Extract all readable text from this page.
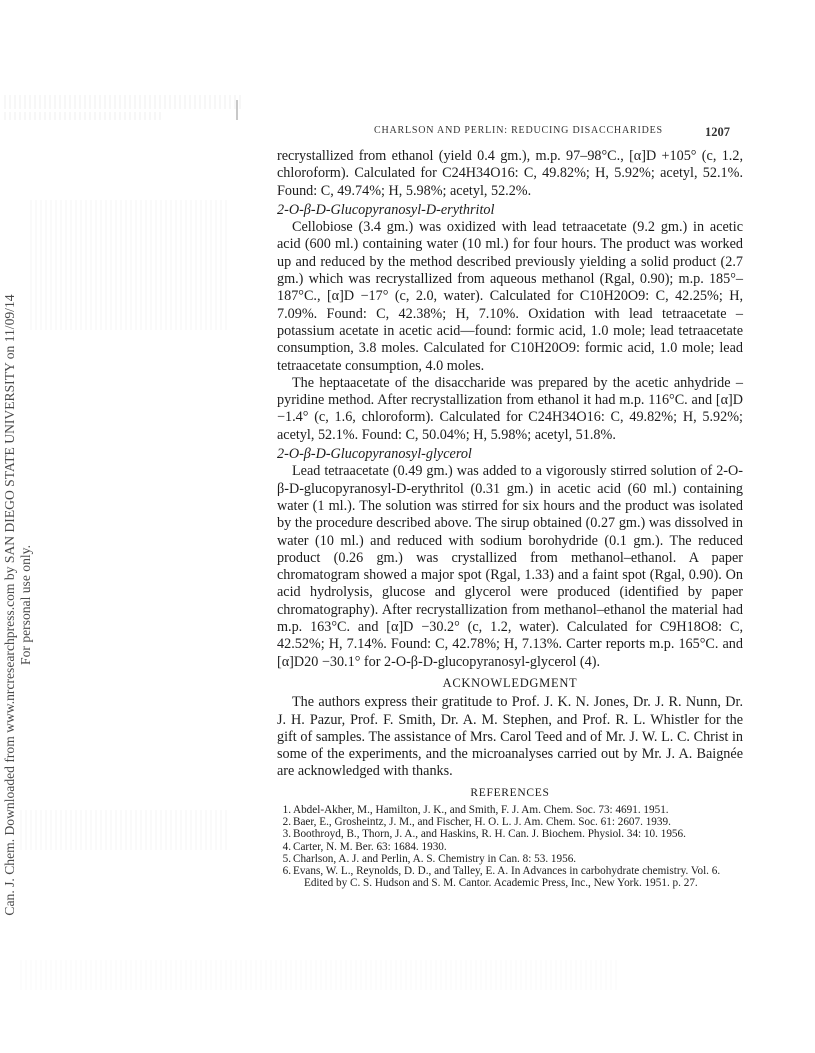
Can. J. Chem. Downloaded from www.nrcresearchpress.com by SAN DIEGO STATE UNIVERSITY on 11/09/14 For personal use only.
CHARLSON AND PERLIN: REDUCING DISACCHARIDES	1207

recrystallized from ethanol (yield 0.4 gm.), m.p. 97–98°C., [α]D +105° (c, 1.2, chloroform). Calculated for C24H34O16: C, 49.82%; H, 5.92%; acetyl, 52.1%. Found: C, 49.74%; H, 5.98%; acetyl, 52.2%.

2-O-β-D-Glucopyranosyl-D-erythritol

Cellobiose (3.4 gm.) was oxidized with lead tetraacetate (9.2 gm.) in acetic acid (600 ml.) containing water (10 ml.) for four hours. The product was worked up and reduced by the method described previously yielding a solid product (2.7 gm.) which was recrystallized from aqueous methanol (Rgal, 0.90); m.p. 185°–187°C., [α]D −17° (c, 2.0, water). Calculated for C10H20O9: C, 42.25%; H, 7.09%. Found: C, 42.38%; H, 7.10%. Oxidation with lead tetraacetate – potassium acetate in acetic acid—found: formic acid, 1.0 mole; lead tetraacetate consumption, 3.8 moles. Calculated for C10H20O9: formic acid, 1.0 mole; lead tetraacetate consumption, 4.0 moles.

The heptaacetate of the disaccharide was prepared by the acetic anhydride – pyridine method. After recrystallization from ethanol it had m.p. 116°C. and [α]D −1.4° (c, 1.6, chloroform). Calculated for C24H34O16: C, 49.82%; H, 5.92%; acetyl, 52.1%. Found: C, 50.04%; H, 5.98%; acetyl, 51.8%.

2-O-β-D-Glucopyranosyl-glycerol

Lead tetraacetate (0.49 gm.) was added to a vigorously stirred solution of 2-O-β-D-glucopyranosyl-D-erythritol (0.31 gm.) in acetic acid (60 ml.) containing water (1 ml.). The solution was stirred for six hours and the product was isolated by the procedure described above. The sirup obtained (0.27 gm.) was dissolved in water (10 ml.) and reduced with sodium borohydride (0.1 gm.). The reduced product (0.26 gm.) was crystallized from methanol–ethanol. A paper chromatogram showed a major spot (Rgal, 1.33) and a faint spot (Rgal, 0.90). On acid hydrolysis, glucose and glycerol were produced (identified by paper chromatography). After recrystallization from methanol–ethanol the material had m.p. 163°C. and [α]D −30.2° (c, 1.2, water). Calculated for C9H18O8: C, 42.52%; H, 7.14%. Found: C, 42.78%; H, 7.13%. Carter reports m.p. 165°C. and [α]D20 −30.1° for 2-O-β-D-glucopyranosyl-glycerol (4).

ACKNOWLEDGMENT

The authors express their gratitude to Prof. J. K. N. Jones, Dr. J. R. Nunn, Dr. J. H. Pazur, Prof. F. Smith, Dr. A. M. Stephen, and Prof. R. L. Whistler for the gift of samples. The assistance of Mrs. Carol Teed and of Mr. J. W. L. C. Christ in some of the experiments, and the microanalyses carried out by Mr. J. A. Baignée are acknowledged with thanks.

REFERENCES
1. Abdel-Akher, M., Hamilton, J. K., and Smith, F. J. Am. Chem. Soc. 73: 4691. 1951.
2. Baer, E., Grosheintz, J. M., and Fischer, H. O. L. J. Am. Chem. Soc. 61: 2607. 1939.
3. Boothroyd, B., Thorn, J. A., and Haskins, R. H. Can. J. Biochem. Physiol. 34: 10. 1956.
4. Carter, N. M. Ber. 63: 1684. 1930.
5. Charlson, A. J. and Perlin, A. S. Chemistry in Can. 8: 53. 1956.
6. Evans, W. L., Reynolds, D. D., and Talley, E. A. In Advances in carbohydrate chemistry. Vol. 6. Edited by C. S. Hudson and S. M. Cantor. Academic Press, Inc., New York. 1951. p. 27.
